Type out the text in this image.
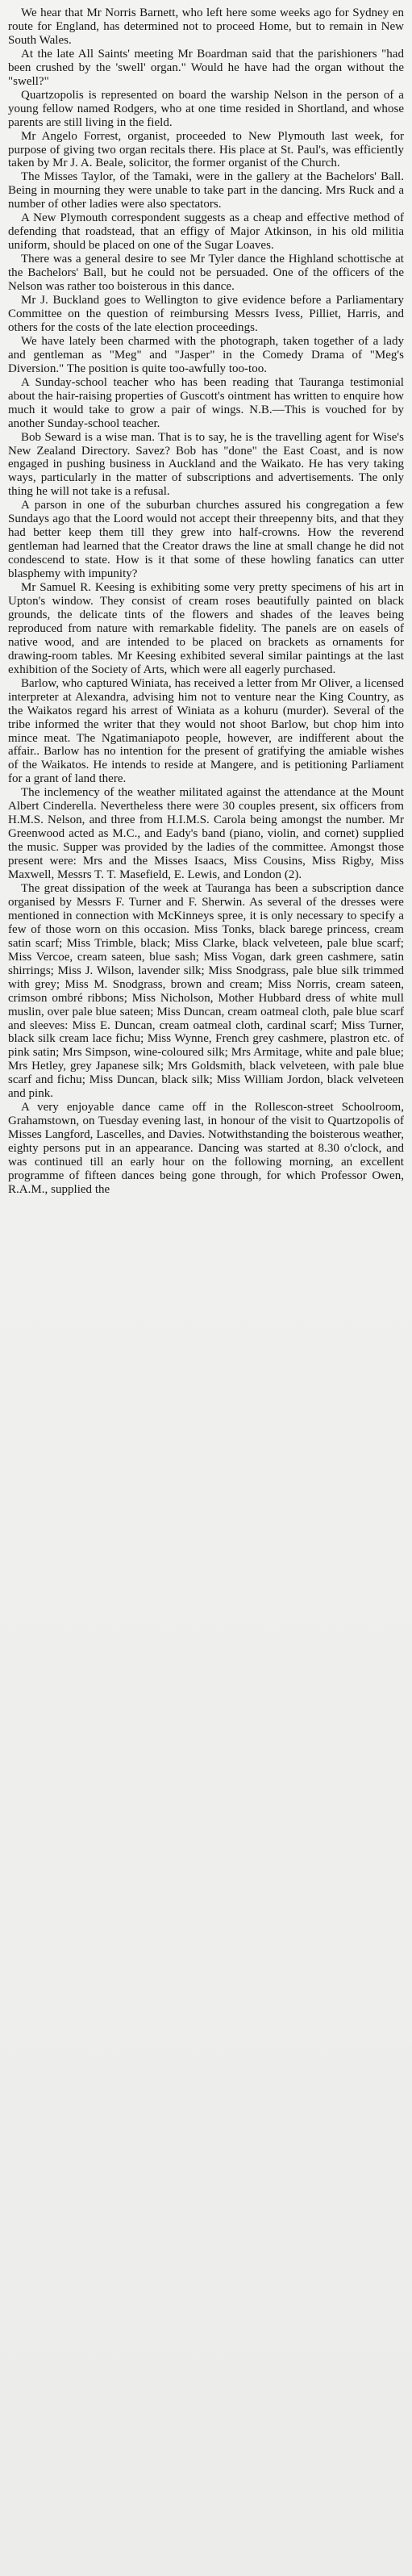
We hear that Mr Norris Barnett, who left here some weeks ago for Sydney en route for England, has determined not to proceed Home, but to remain in New South Wales.

At the late All Saints' meeting Mr Boardman said that the parishioners "had been crushed by the 'swell' organ." Would he have had the organ without the "swell?"

Quartzopolis is represented on board the warship Nelson in the person of a young fellow named Rodgers, who at one time resided in Shortland, and whose parents are still living in the field.

Mr Angelo Forrest, organist, proceeded to New Plymouth last week, for purpose of giving two organ recitals there. His place at St. Paul's, was efficiently taken by Mr J. A. Beale, solicitor, the former organist of the Church.

The Misses Taylor, of the Tamaki, were in the gallery at the Bachelors' Ball. Being in mourning they were unable to take part in the dancing. Mrs Ruck and a number of other ladies were also spectators.

A New Plymouth correspondent suggests as a cheap and effective method of defending that roadstead, that an effigy of Major Atkinson, in his old militia uniform, should be placed on one of the Sugar Loaves.

There was a general desire to see Mr Tyler dance the Highland schottische at the Bachelors' Ball, but he could not be persuaded. One of the officers of the Nelson was rather too boisterous in this dance.

Mr J. Buckland goes to Wellington to give evidence before a Parliamentary Committee on the question of reimbursing Messrs Ivess, Pilliet, Harris, and others for the costs of the late election proceedings.

We have lately been charmed with the photograph, taken together of a lady and gentleman as "Meg" and "Jasper" in the Comedy Drama of "Meg's Diversion." The position is quite too-awfully too-too.

A Sunday-school teacher who has been reading that Tauranga testimonial about the hair-raising properties of Guscott's ointment has written to enquire how much it would take to grow a pair of wings. N.B.—This is vouched for by another Sunday-school teacher.

Bob Seward is a wise man. That is to say, he is the travelling agent for Wise's New Zealand Directory. Savez? Bob has "done" the East Coast, and is now engaged in pushing business in Auckland and the Waikato. He has very taking ways, particularly in the matter of subscriptions and advertisements. The only thing he will not take is a refusal.

A parson in one of the suburban churches assured his congregation a few Sundays ago that the Loord would not accept their threepenny bits, and that they had better keep them till they grew into half-crowns. How the reverend gentleman had learned that the Creator draws the line at small change he did not condescend to state. How is it that some of these howling fanatics can utter blasphemy with impunity?

Mr Samuel R. Keesing is exhibiting some very pretty specimens of his art in Upton's window. They consist of cream roses beautifully painted on black grounds, the delicate tints of the flowers and shades of the leaves being reproduced from nature with remarkable fidelity. The panels are on easels of native wood, and are intended to be placed on brackets as ornaments for drawing-room tables. Mr Keesing exhibited several similar paintings at the last exhibition of the Society of Arts, which were all eagerly purchased.

Barlow, who captured Winiata, has received a letter from Mr Oliver, a licensed interpreter at Alexandra, advising him not to venture near the King Country, as the Waikatos regard his arrest of Winiata as a kohuru (murder). Several of the tribe informed the writer that they would not shoot Barlow, but chop him into mince meat. The Ngatimaniapoto people, however, are indifferent about the affair.. Barlow has no intention for the present of gratifying the amiable wishes of the Waikatos. He intends to reside at Mangere, and is petitioning Parliament for a grant of land there.

The inclemency of the weather militated against the attendance at the Mount Albert Cinderella. Nevertheless there were 30 couples present, six officers from H.M.S. Nelson, and three from H.I.M.S. Carola being amongst the number. Mr Greenwood acted as M.C., and Eady's band (piano, violin, and cornet) supplied the music. Supper was provided by the ladies of the committee. Amongst those present were: Mrs and the Misses Isaacs, Miss Cousins, Miss Rigby, Miss Maxwell, Messrs T. T. Masefield, E. Lewis, and London (2).

The great dissipation of the week at Tauranga has been a subscription dance organised by Messrs F. Turner and F. Sherwin. As several of the dresses were mentioned in connection with McKinneys spree, it is only necessary to specify a few of those worn on this occasion. Miss Tonks, black barege princess, cream satin scarf; Miss Trimble, black; Miss Clarke, black velveteen, pale blue scarf; Miss Vercoe, cream sateen, blue sash; Miss Vogan, dark green cashmere, satin shirrings; Miss J. Wilson, lavender silk; Miss Snodgrass, pale blue silk trimmed with grey; Miss M. Snodgrass, brown and cream; Miss Norris, cream sateen, crimson ombré ribbons; Miss Nicholson, Mother Hubbard dress of white mull muslin, over pale blue sateen; Miss Duncan, cream oatmeal cloth, pale blue scarf and sleeves: Miss E. Duncan, cream oatmeal cloth, cardinal scarf; Miss Turner, black silk cream lace fichu; Miss Wynne, French grey cashmere, plastron etc. of pink satin; Mrs Simpson, wine-coloured silk; Mrs Armitage, white and pale blue; Mrs Hetley, grey Japanese silk; Mrs Goldsmith, black velveteen, with pale blue scarf and fichu; Miss Duncan, black silk; Miss William Jordon, black velveteen and pink.

A very enjoyable dance came off in the Rollescon-street Schoolroom, Grahamstown, on Tuesday evening last, in honour of the visit to Quartzopolis of Misses Langford, Lascelles, and Davies. Notwithstanding the boisterous weather, eighty persons put in an appearance. Dancing was started at 8.30 o'clock, and was continued till an early hour on the following morning, an excellent programme of fifteen dances being gone through, for which Professor Owen, R.A.M., supplied the
